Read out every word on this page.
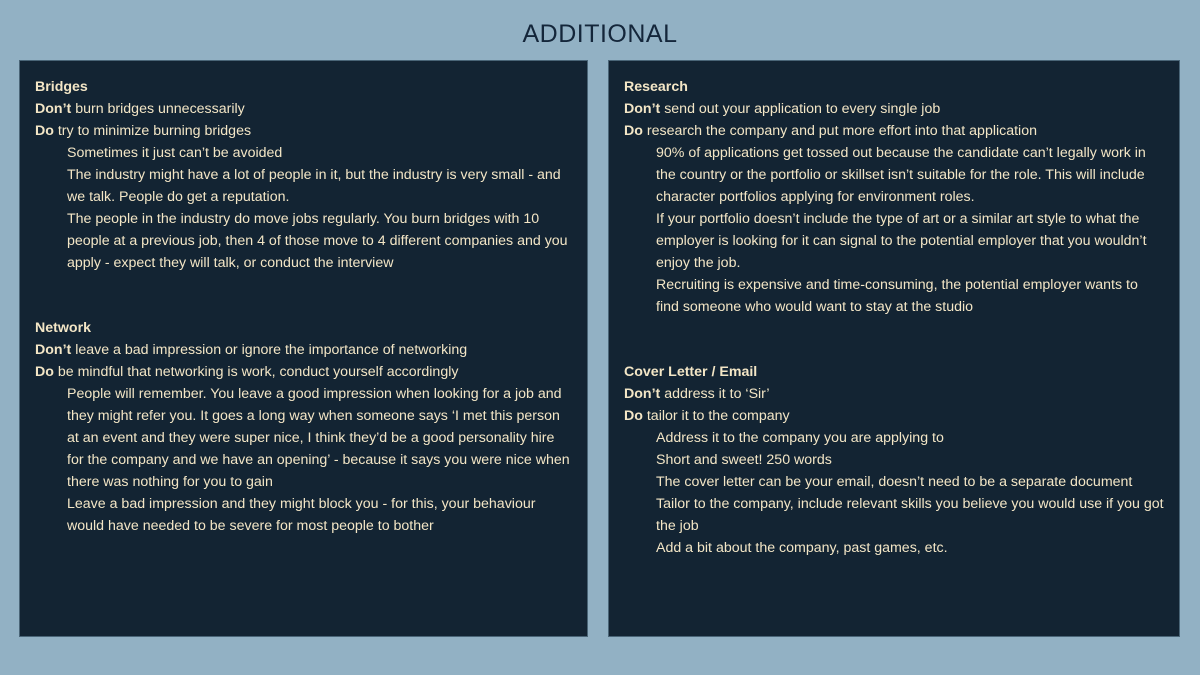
ADDITIONAL
Bridges
Don’t burn bridges unnecessarily
Do try to minimize burning bridges
Sometimes it just can’t be avoided
The industry might have a lot of people in it, but the industry is very small - and we talk. People do get a reputation.
The people in the industry do move jobs regularly. You burn bridges with 10 people at a previous job, then 4 of those move to 4 different companies and you apply - expect they will talk, or conduct the interview
Network
Don’t leave a bad impression or ignore the importance of networking
Do be mindful that networking is work, conduct yourself accordingly
People will remember. You leave a good impression when looking for a job and they might refer you. It goes a long way when someone says ‘I met this person at an event and they were super nice, I think they’d be a good personality hire for the company and we have an opening’ - because it says you were nice when there was nothing for you to gain
Leave a bad impression and they might block you - for this, your behaviour would have needed to be severe for most people to bother
Research
Don’t send out your application to every single job
Do research the company and put more effort into that application
90% of applications get tossed out because the candidate can’t legally work in the country or the portfolio or skillset isn’t suitable for the role. This will include character portfolios applying for environment roles.
If your portfolio doesn’t include the type of art or a similar art style to what the employer is looking for it can signal to the potential employer that you wouldn’t enjoy the job.
Recruiting is expensive and time-consuming, the potential employer wants to find someone who would want to stay at the studio
Cover Letter / Email
Don’t address it to ‘Sir’
Do tailor it to the company
Address it to the company you are applying to
Short and sweet! 250 words
The cover letter can be your email, doesn’t need to be a separate document
Tailor to the company, include relevant skills you believe you would use if you got the job
Add a bit about the company, past games, etc.
